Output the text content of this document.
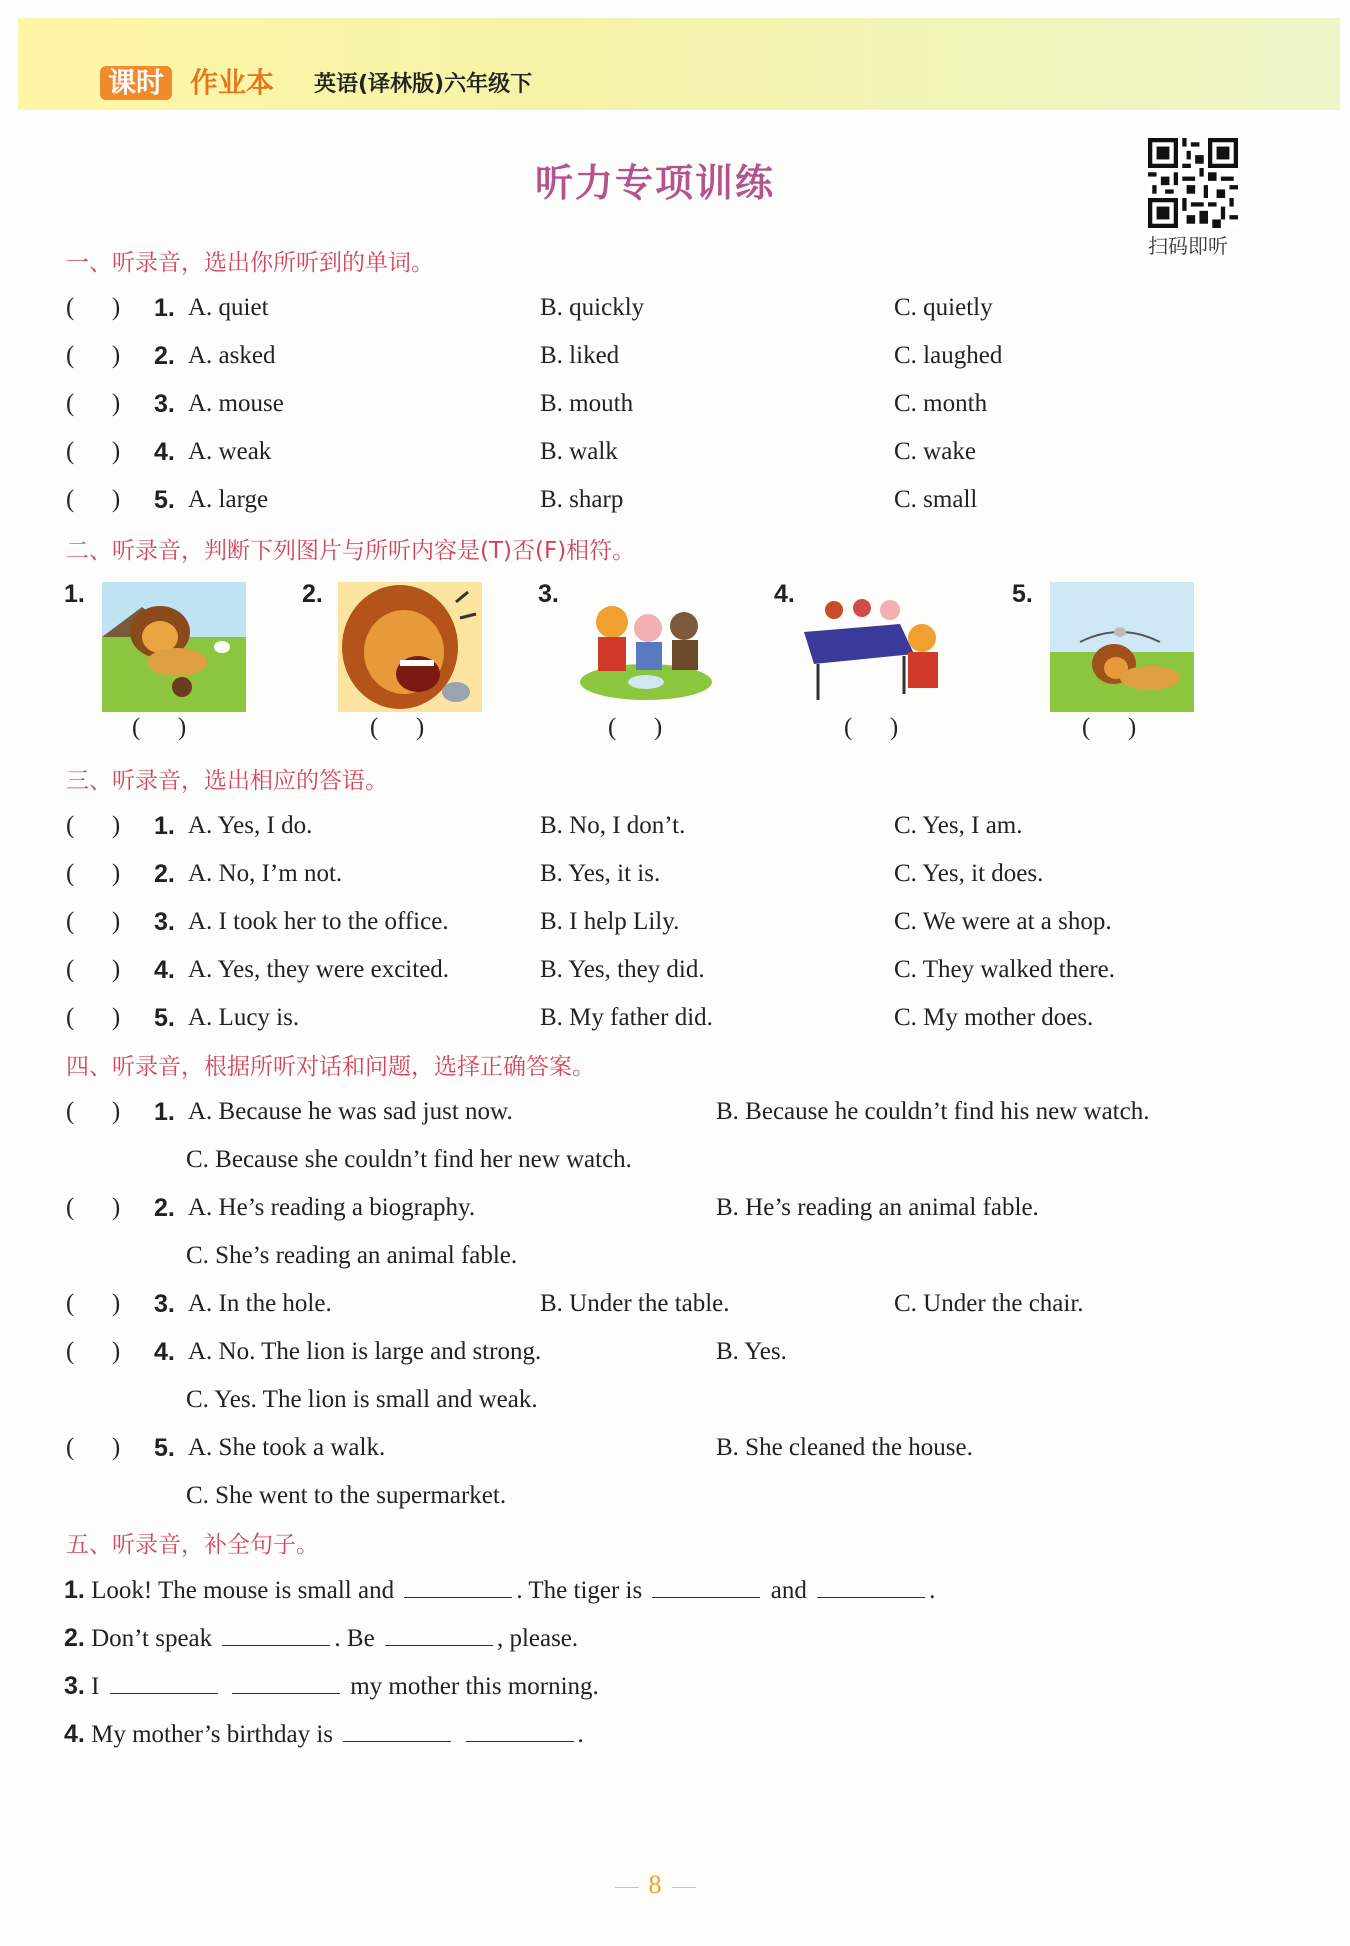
课时 作业本 英语(译林版)六年级下
听力专项训练
扫码即听
一、听录音，选出你所听到的单词。
(      ) 1. A. quiet	B. quickly	C. quietly
(      ) 2. A. asked	B. liked	C. laughed
(      ) 3. A. mouse	B. mouth	C. month
(      ) 4. A. weak	B. walk	C. wake
(      ) 5. A. large	B. sharp	C. small
二、听录音，判断下列图片与所听内容是(T)否(F)相符。
1.
(      )
2.
(      )
3.
(      )
4.
(      )
5.
(      )
三、听录音，选出相应的答语。
(      ) 1. A. Yes, I do.	B. No, I don’t.	C. Yes, I am.
(      ) 2. A. No, I’m not.	B. Yes, it is.	C. Yes, it does.
(      ) 3. A. I took her to the office.	B. I help Lily.	C. We were at a shop.
(      ) 4. A. Yes, they were excited.	B. Yes, they did.	C. They walked there.
(      ) 5. A. Lucy is.	B. My father did.	C. My mother does.
四、听录音，根据所听对话和问题，选择正确答案。
(      ) 1. A. Because he was sad just now.	B. Because he couldn’t find his new watch.
C. Because she couldn’t find her new watch.
(      ) 2. A. He’s reading a biography.	B. He’s reading an animal fable.
C. She’s reading an animal fable.
(      ) 3. A. In the hole.	B. Under the table.	C. Under the chair.
(      ) 4. A. No. The lion is large and strong.	B. Yes.
C. Yes. The lion is small and weak.
(      ) 5. A. She took a walk.	B. She cleaned the house.
C. She went to the supermarket.
五、听录音，补全句子。
1. Look! The mouse is small and	. The tiger is	and	.
2. Don’t speak	. Be	, please.
3. I	my mother this morning.
4. My mother’s birthday is	.
8
